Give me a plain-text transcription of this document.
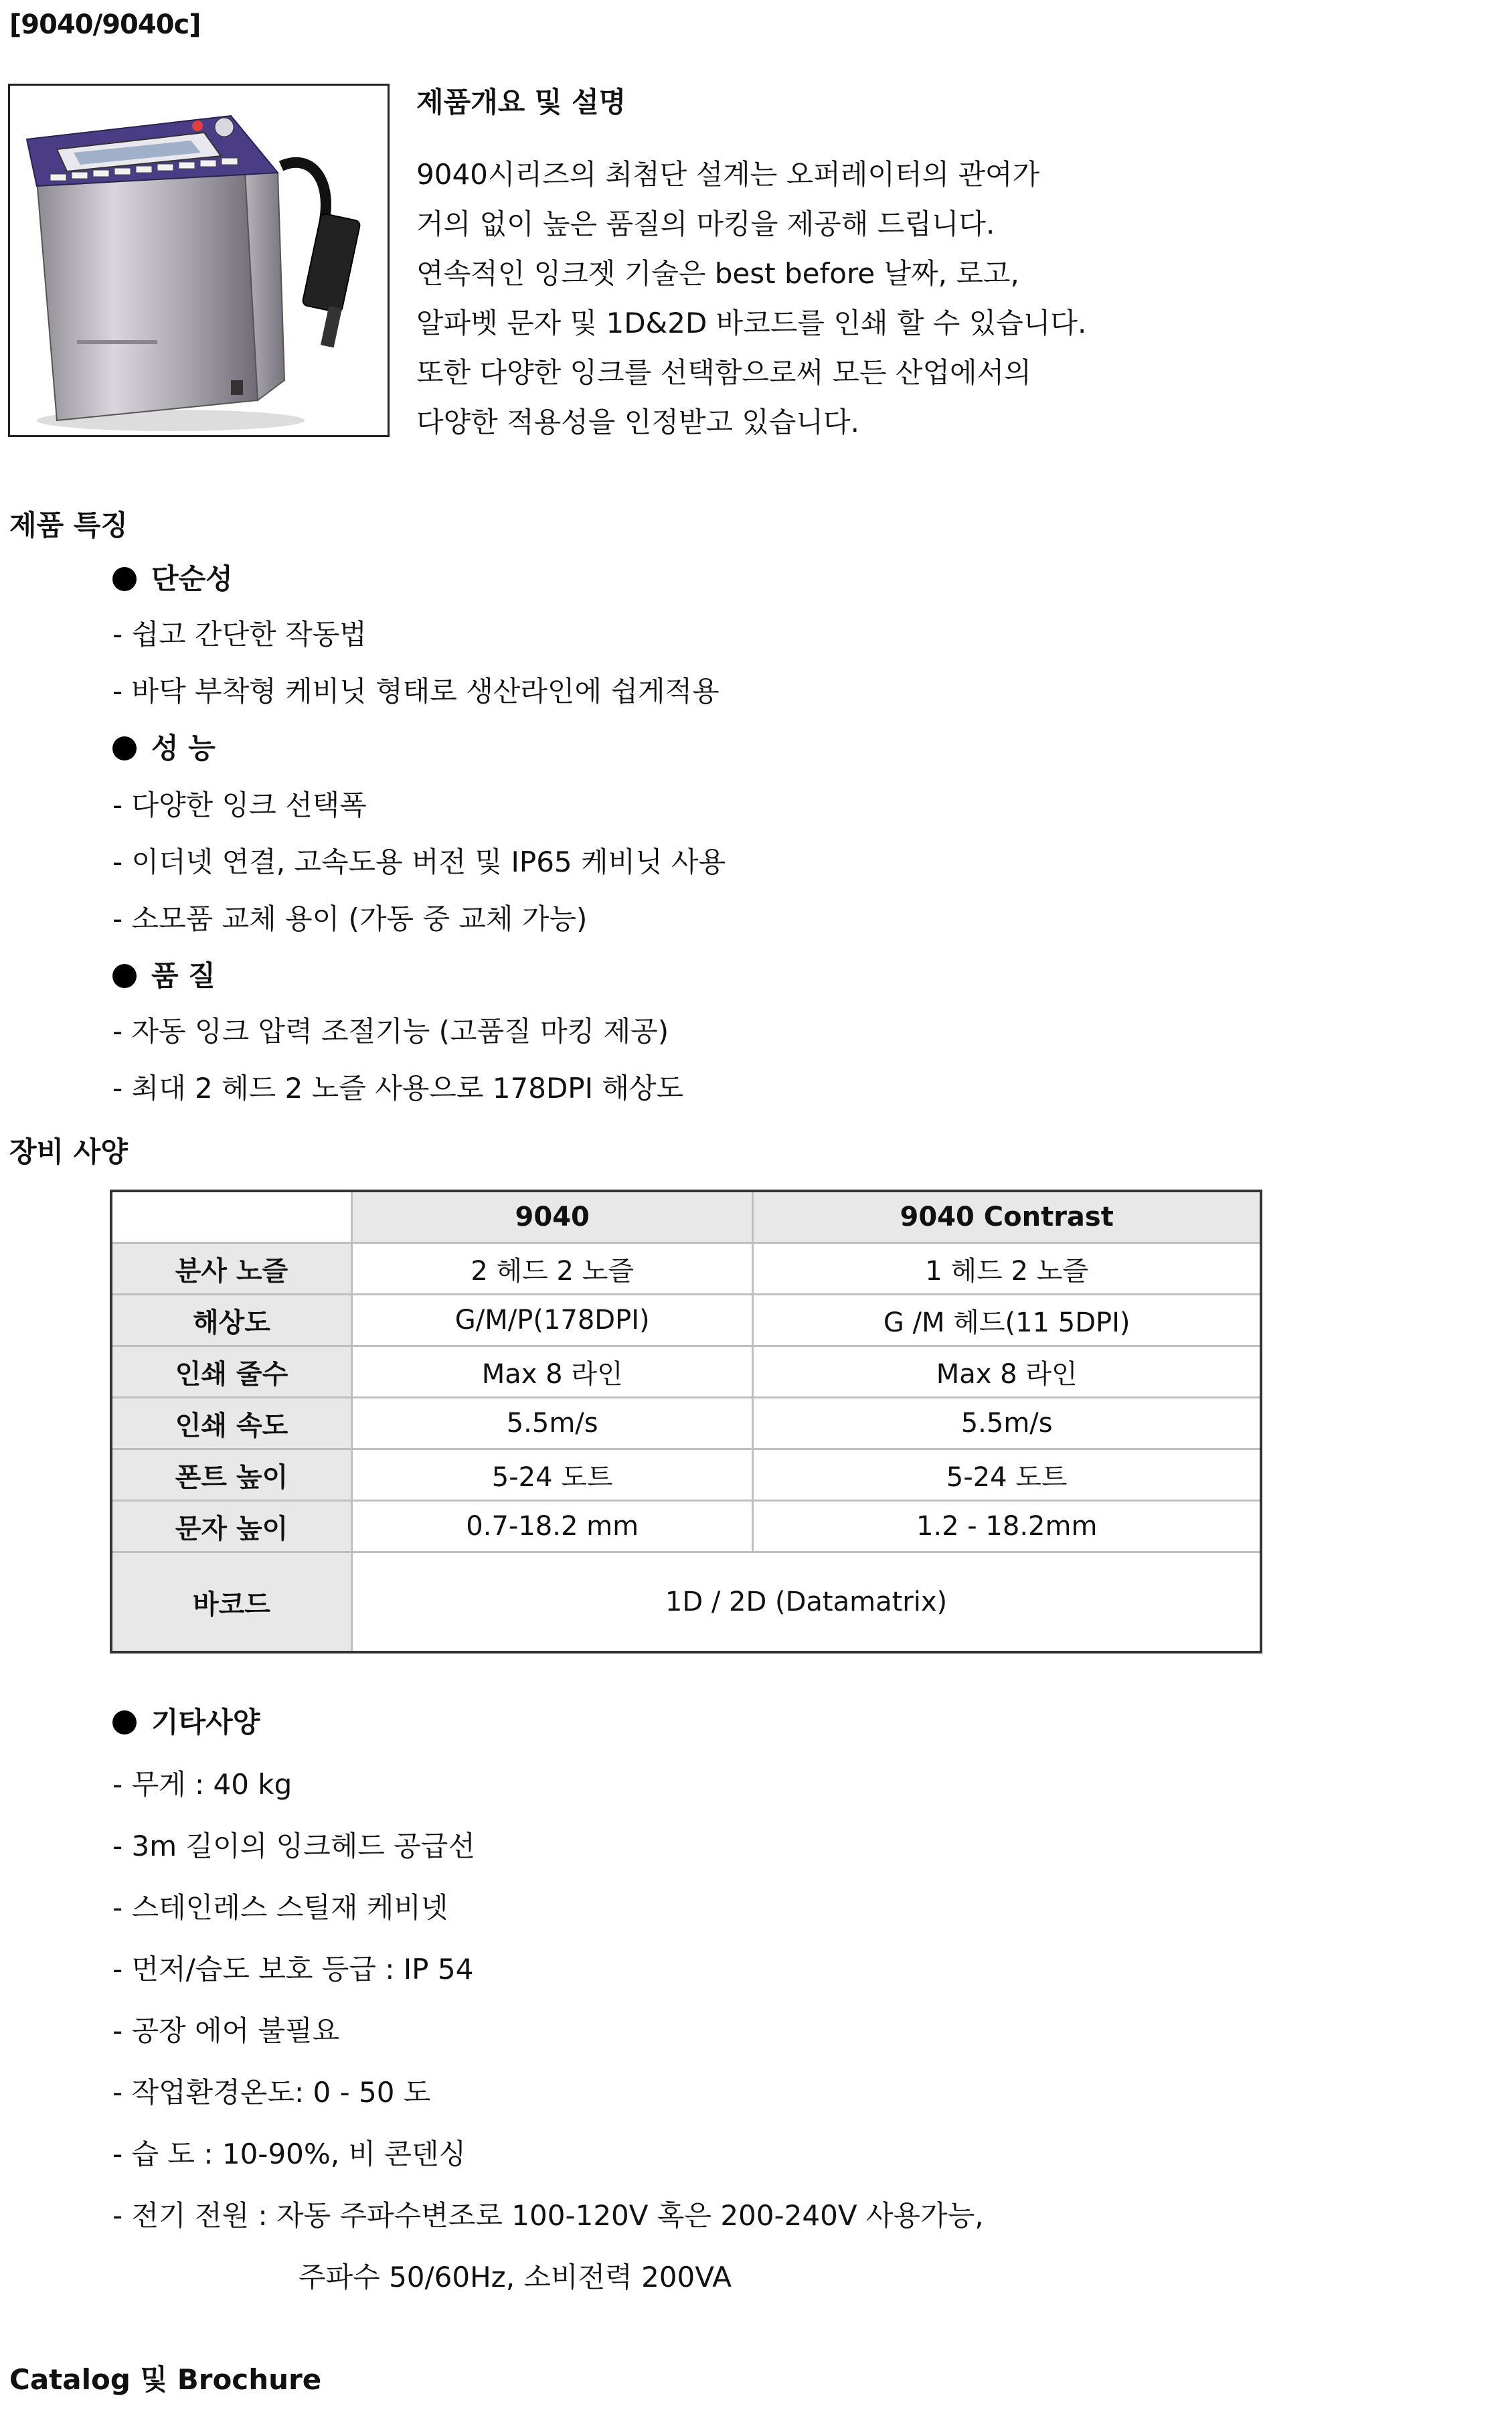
[9040/9040c]
제품개요 및 설명
9040시리즈의 최첨단 설계는 오퍼레이터의 관여가
거의 없이 높은 품질의 마킹을 제공해 드립니다.
연속적인 잉크젯 기술은 best before 날짜, 로고,
알파벳 문자 및 1D&2D 바코드를 인쇄 할 수 있습니다.
또한 다양한 잉크를 선택함으로써 모든 산업에서의
다양한 적용성을 인정받고 있습니다.
제품 특징
단순성
- 쉽고 간단한 작동법
- 바닥 부착형 케비닛 형태로 생산라인에 쉽게적용
성 능
- 다양한 잉크 선택폭
- 이더넷 연결, 고속도용 버전 및 IP65 케비닛 사용
- 소모품 교체 용이 (가동 중 교체 가능)
품 질
- 자동 잉크 압력 조절기능 (고품질 마킹 제공)
- 최대 2 헤드 2 노즐 사용으로 178DPI 해상도
장비 사양
	9040	9040 Contrast
분사 노즐	2 헤드 2 노즐	1 헤드 2 노즐
해상도	G/M/P(178DPI)	G /M 헤드(11 5DPI)
인쇄 줄수	Max 8 라인	Max 8 라인
인쇄 속도	5.5m/s	5.5m/s
폰트 높이	5-24 도트	5-24 도트
문자 높이	0.7-18.2 mm	1.2 - 18.2mm
바코드	1D / 2D (Datamatrix)	
기타사양
- 무게 : 40 kg
- 3m 길이의 잉크헤드 공급선
- 스테인레스 스틸재 케비넷
- 먼저/습도 보호 등급 : IP 54
- 공장 에어 불필요
- 작업환경온도: 0 - 50 도
- 습 도 : 10-90%, 비 콘덴싱
- 전기 전원 : 자동 주파수변조로 100-120V 혹은 200-240V 사용가능,
주파수 50/60Hz, 소비전력 200VA
Catalog 및 Brochure
